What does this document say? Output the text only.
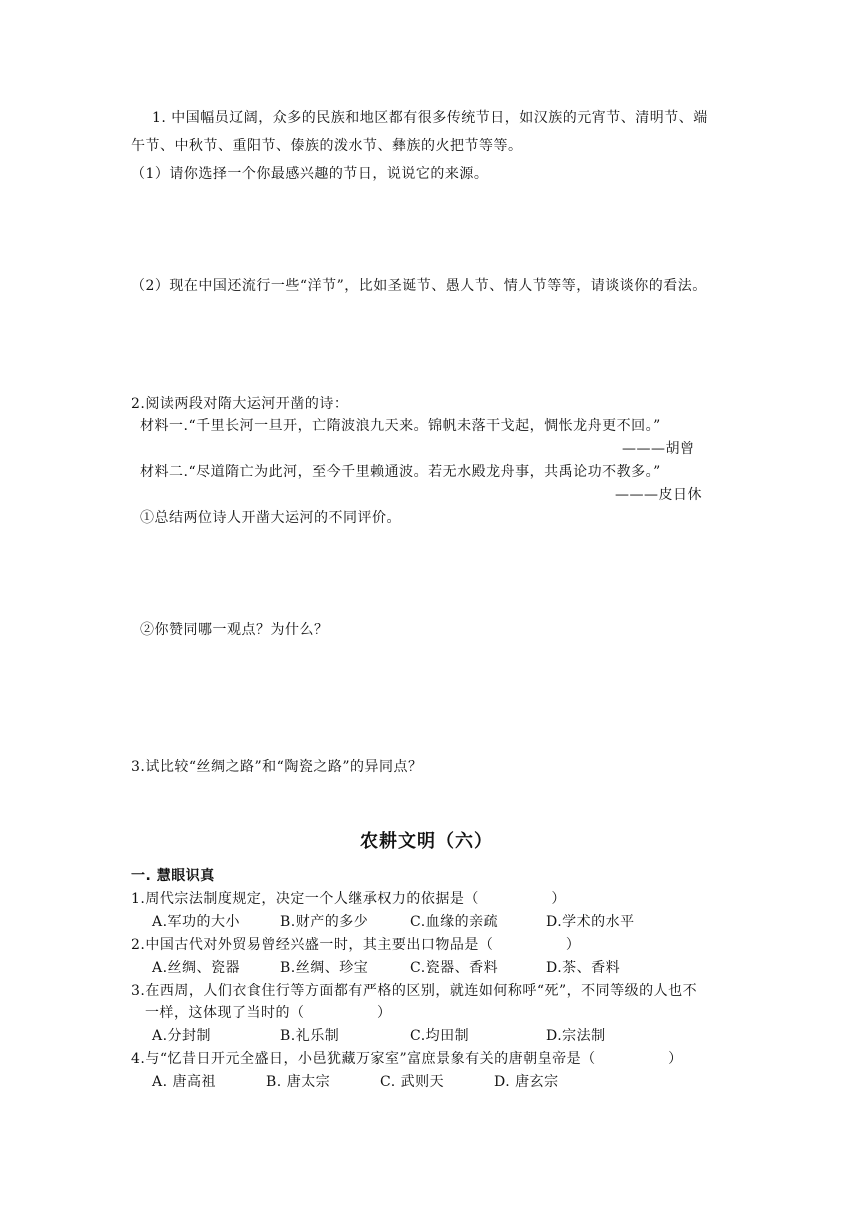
1. 中国幅员辽阔，众多的民族和地区都有很多传统节日，如汉族的元宵节、清明节、端
午节、中秋节、重阳节、傣族的泼水节、彝族的火把节等等。
（1）请你选择一个你最感兴趣的节日，说说它的来源。
（2）现在中国还流行一些“洋节”，比如圣诞节、愚人节、情人节等等，请谈谈你的看法。
2.阅读两段对隋大运河开凿的诗：
材料一.“千里长河一旦开，亡隋波浪九天来。锦帆未落干戈起，惆怅龙舟更不回。”
———胡曾
材料二.“尽道隋亡为此河，至今千里赖通波。若无水殿龙舟事，共禹论功不教多。”
———皮日休
①总结两位诗人开凿大运河的不同评价。
②你赞同哪一观点？为什么？
3.试比较“丝绸之路”和“陶瓷之路”的异同点？
农耕文明（六）
一. 慧眼识真
1.周代宗法制度规定，决定一个人继承权力的依据是（　　　　　）
A.军功的大小	B.财产的多少	C.血缘的亲疏	D.学术的水平
2.中国古代对外贸易曾经兴盛一时，其主要出口物品是（　　　　　）
A.丝绸、瓷器	B.丝绸、珍宝	C.瓷器、香料	D.茶、香料
3.在西周，人们衣食住行等方面都有严格的区别，就连如何称呼“死”，不同等级的人也不
一样，这体现了当时的（　　　　　）
A.分封制	B.礼乐制	C.均田制	D.宗法制
4.与“忆昔日开元全盛日，小邑犹藏万家室”富庶景象有关的唐朝皇帝是（　　　　　）
A. 唐高祖	B. 唐太宗	C. 武则天	D. 唐玄宗
